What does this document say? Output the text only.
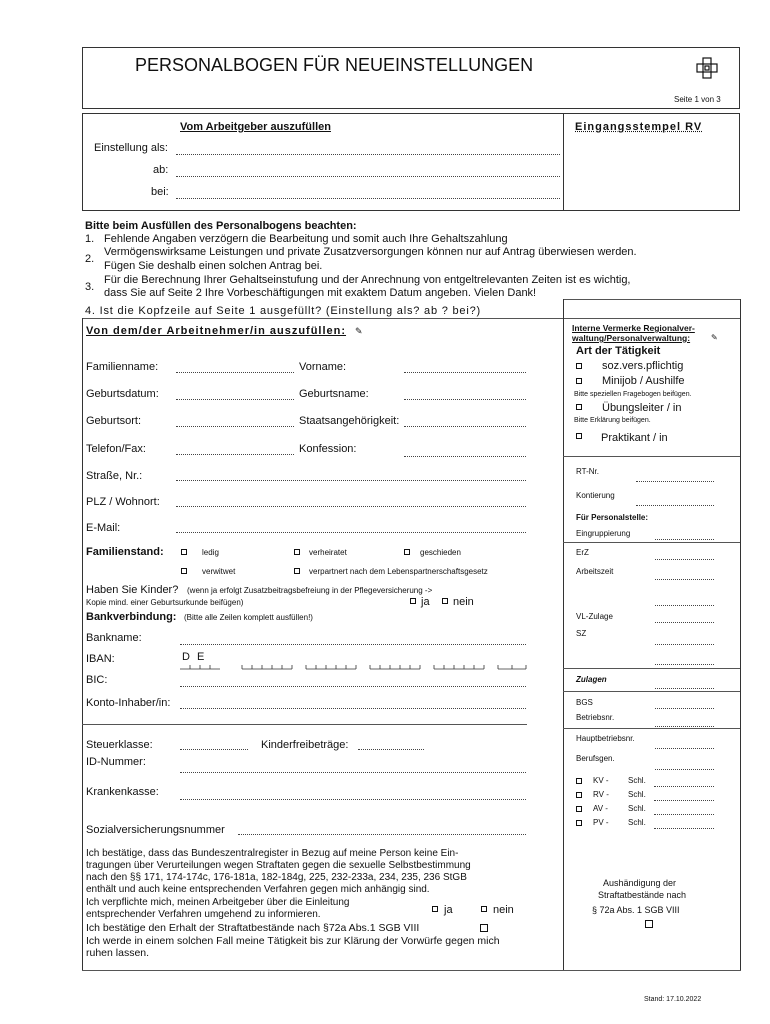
PERSONALBOGEN FÜR NEUEINSTELLUNGEN
Seite 1 von 3
Vom Arbeitgeber auszufüllen	Eingangsstempel RV
Einstellung als:
ab:
bei:
Bitte beim Ausfüllen des Personalbogens beachten:
1. Fehlende Angaben verzögern die Bearbeitung und somit auch Ihre Gehaltszahlung
2.
Vermögenswirksame Leistungen und private Zusatzversorgungen können nur auf Antrag überwiesen werden.
Fügen Sie deshalb einen solchen Antrag bei.
3.
Für die Berechnung Ihrer Gehaltseinstufung und der Anrechnung von entgeltrelevanten Zeiten ist es wichtig,
dass Sie auf Seite 2 Ihre Vorbeschäftigungen mit exaktem Datum angeben. Vielen Dank!
4. Ist die Kopfzeile auf Seite 1 ausgefüllt? (Einstellung als? ab ? bei?)
Von dem/der Arbeitnehmer/in auszufüllen: ✎
Familienname:	Vorname:
Geburtsdatum:	Geburtsname:
Geburtsort:	Staatsangehörigkeit:
Telefon/Fax:	Konfession:
Straße, Nr.:
PLZ / Wohnort:
E-Mail:
Familienstand:	ledig	verheiratet	geschieden
verwitwet	verpartnert nach dem Lebenspartnerschaftsgesetz
Haben Sie Kinder? (wenn ja erfolgt Zusatzbeitragsbefreiung in der Pflegeversicherung ->
Kopie mind. einer Geburtsurkunde beifügen)	ja nein
Bankverbindung: (Bitte alle Zeilen komplett ausfüllen!)
Bankname:
IBAN:	D E
BIC:
Konto-Inhaber/in:
Steuerklasse:	Kinderfreibeträge:
ID-Nummer:
Krankenkasse:
Sozialversicherungsnummer
Ich bestätige, dass das Bundeszentralregister in Bezug auf meine Person keine Ein-
tragungen über Verurteilungen wegen Straftaten gegen die sexuelle Selbstbestimmung
nach den §§ 171, 174-174c, 176-181a, 182-184g, 225, 232-233a, 234, 235, 236 StGB
enthält und auch keine entsprechenden Verfahren gegen mich anhängig sind.
Ich verpflichte mich, meinen Arbeitgeber über die Einleitung
entsprechender Verfahren umgehend zu informieren.	ja	nein
Ich bestätige den Erhalt der Straftatbestände nach §72a Abs.1 SGB VIII
Ich werde in einem solchen Fall meine Tätigkeit bis zur Klärung der Vorwürfe gegen mich
ruhen lassen.
Interne Vermerke Regionalver-
waltung/Personalverwaltung:	✎
Art der Tätigkeit
soz.vers.pflichtig
Minijob / Aushilfe
Bitte speziellen Fragebogen beifügen.
Übungsleiter / in
Bitte Erklärung beifügen.
Praktikant / in
RT-Nr.
Kontierung
Für Personalstelle:
Eingruppierung
ErZ
Arbeitszeit
VL-Zulage
SZ
Zulagen
BGS
Betriebsnr.
Hauptbetriebsnr.
Berufsgen.
KV - Schl.
RV - Schl.
AV -	Schl.
PV - Schl.
Aushändigung der
Straftatbestände nach
§ 72a Abs. 1 SGB VIII
Stand: 17.10.2022
